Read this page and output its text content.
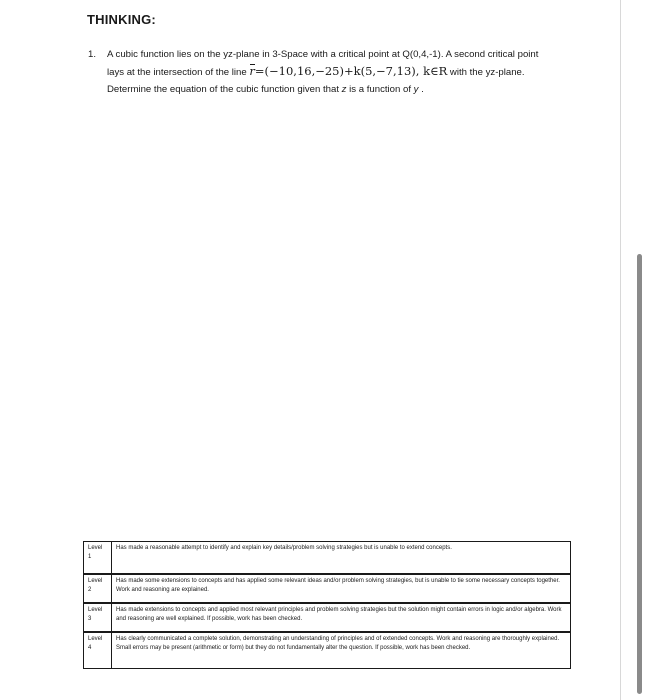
THINKING:
1. A cubic function lies on the yz-plane in 3-Space with a critical point at Q(0,4,-1). A second critical point lays at the intersection of the line r=(−10,16,−25)+k(5,−7,13), k∈R with the yz-plane. Determine the equation of the cubic function given that z is a function of y .
Level
1	Has made a reasonable attempt to identify and explain key details/problem solving strategies but is unable to extend concepts.
Level
2	Has made some extensions to concepts and has applied some relevant ideas and/or problem solving strategies, but is unable to tie some necessary concepts together. Work and reasoning are explained.
Level
3	Has made extensions to concepts and applied most relevant principles and problem solving strategies but the solution might contain errors in logic and/or algebra. Work and reasoning are well explained. If possible, work has been checked.
Level
4	Has clearly communicated a complete solution, demonstrating an understanding of principles and of extended concepts. Work and reasoning are thoroughly explained. Small errors may be present (arithmetic or form) but they do not fundamentally alter the question. If possible, work has been checked.
